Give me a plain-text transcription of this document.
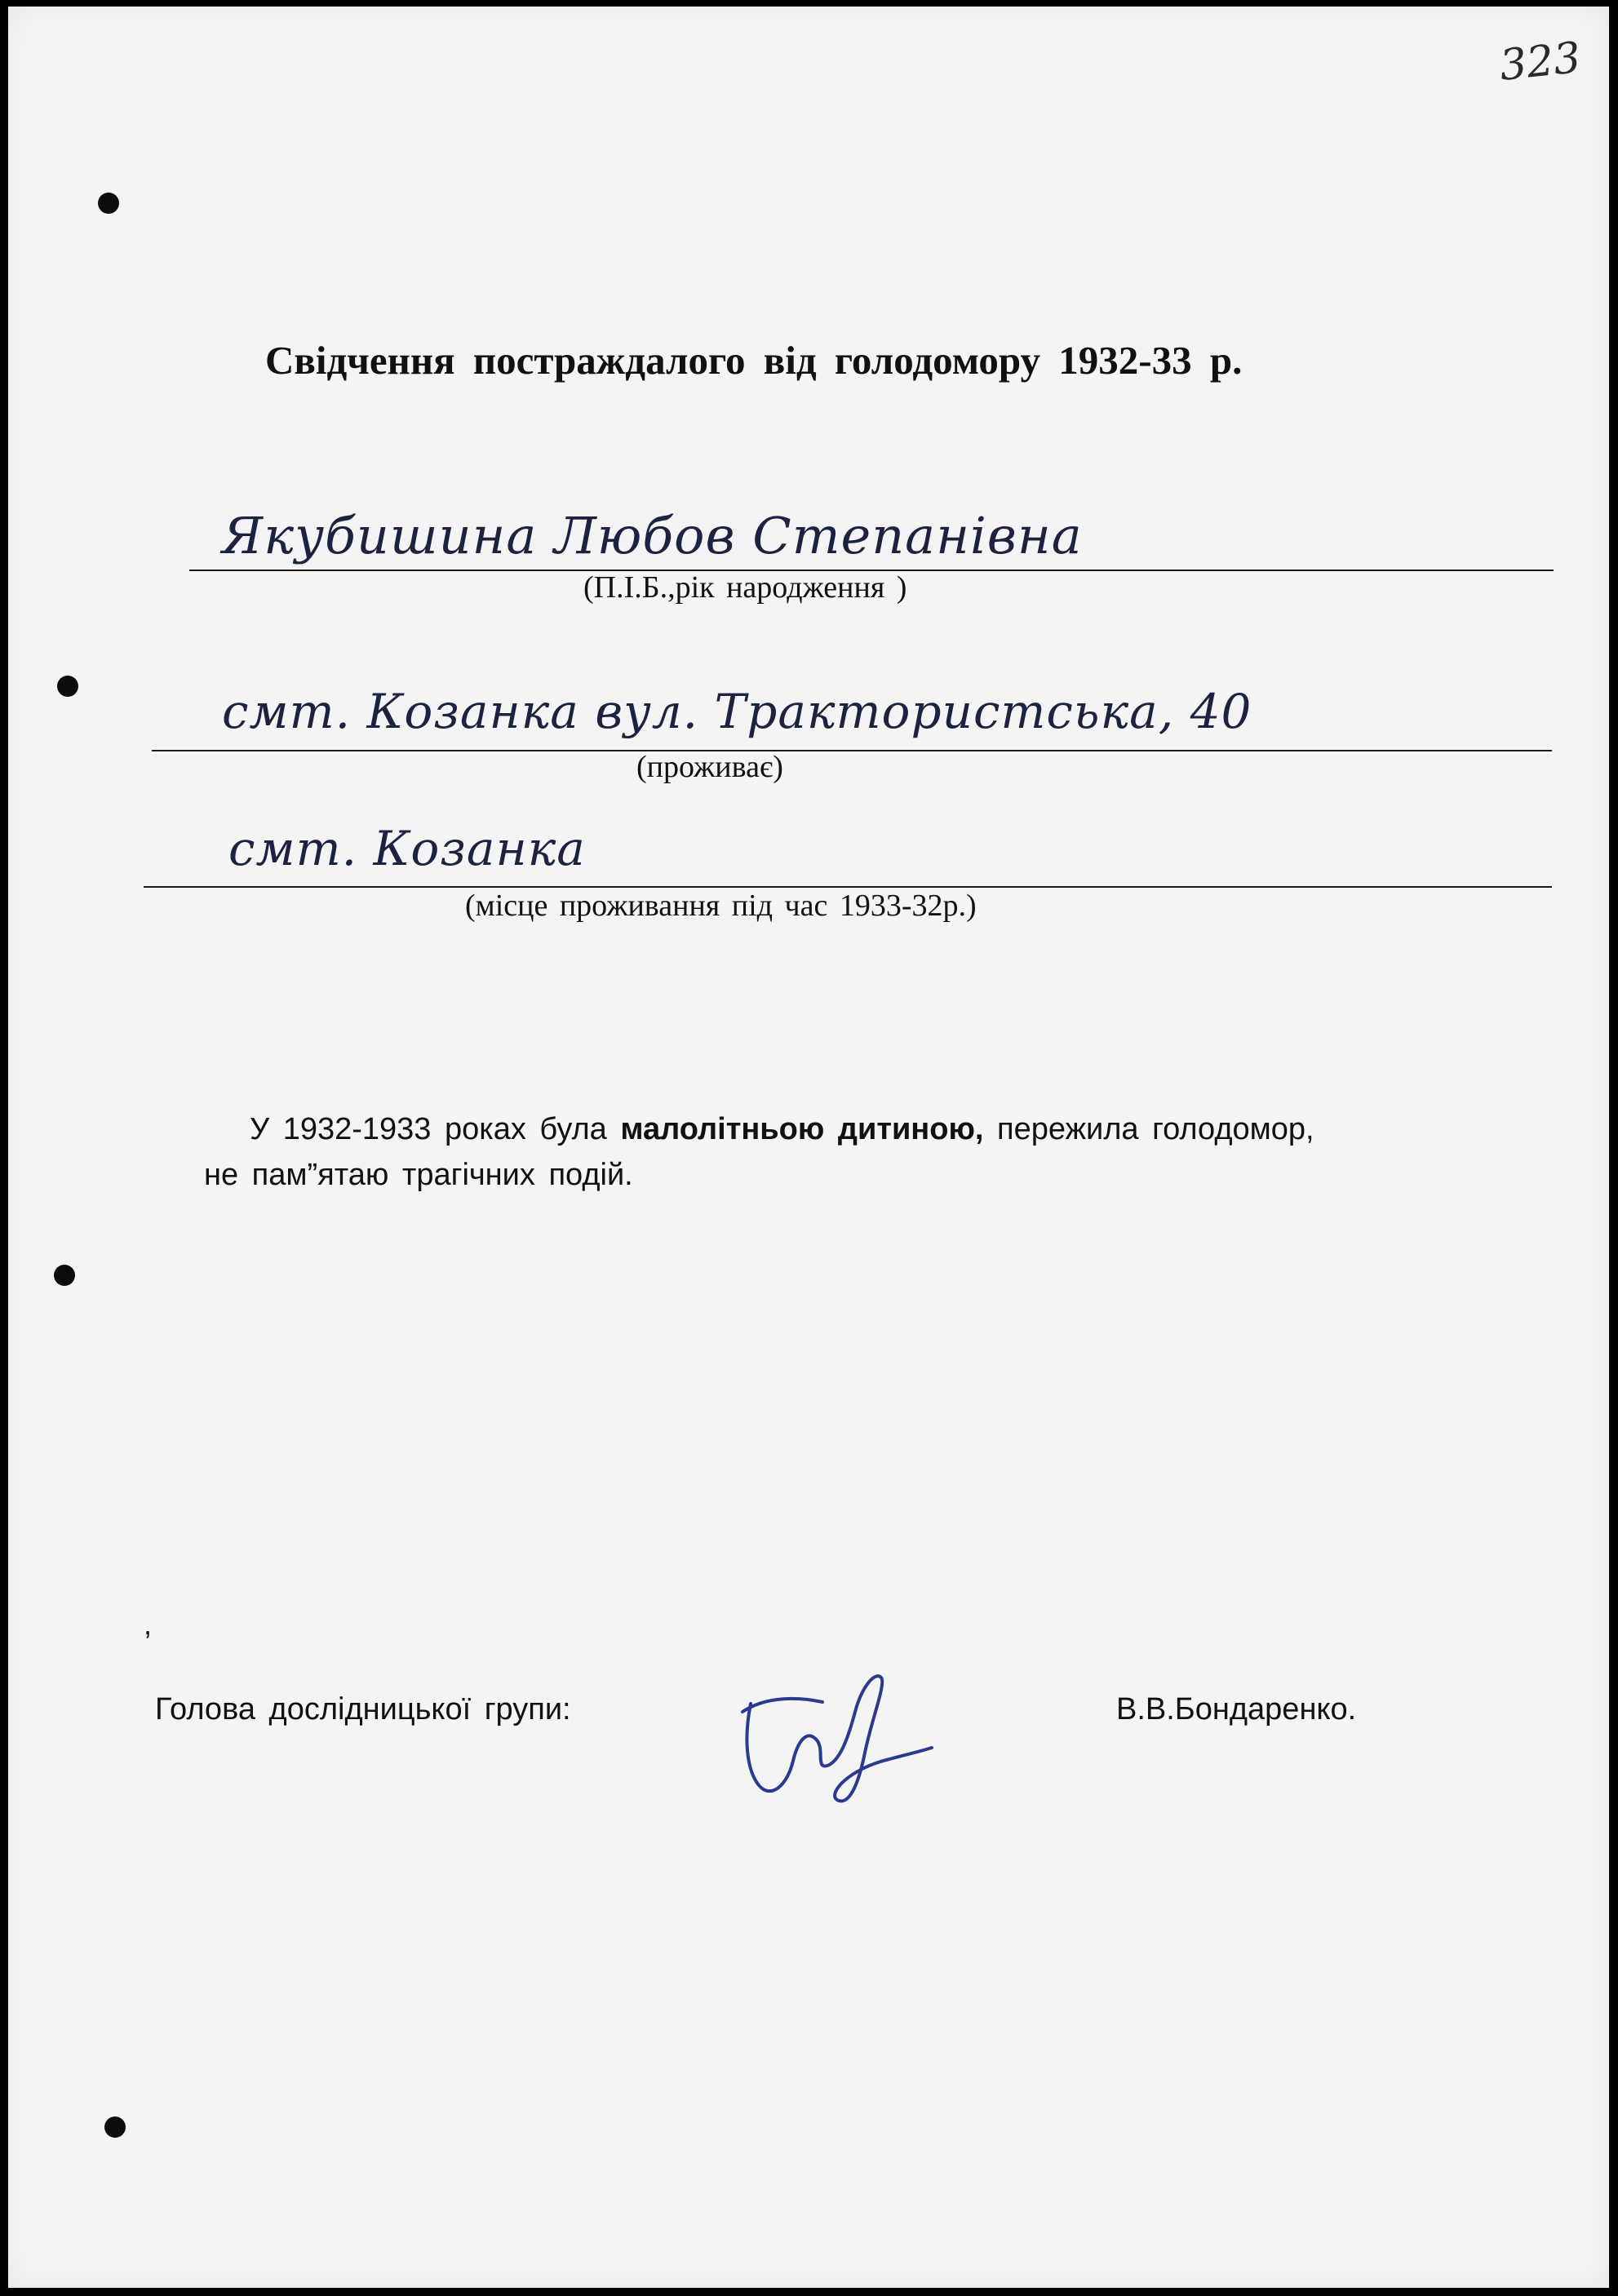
323
Свідчення постраждалого від голодомору 1932-33 р.
Якубишина Любов Степанівна
(П.І.Б.,рік народження )
смт. Козанка вул. Трактористська, 40
(проживає)
смт. Козанка
(місце проживання під час 1933-32р.)
У 1932-1933 роках була малолітньою дитиною, пережила голодомор,
не пам”ятаю трагічних подій.
,
Голова дослідницької групи:	В.В.Бондаренко.
